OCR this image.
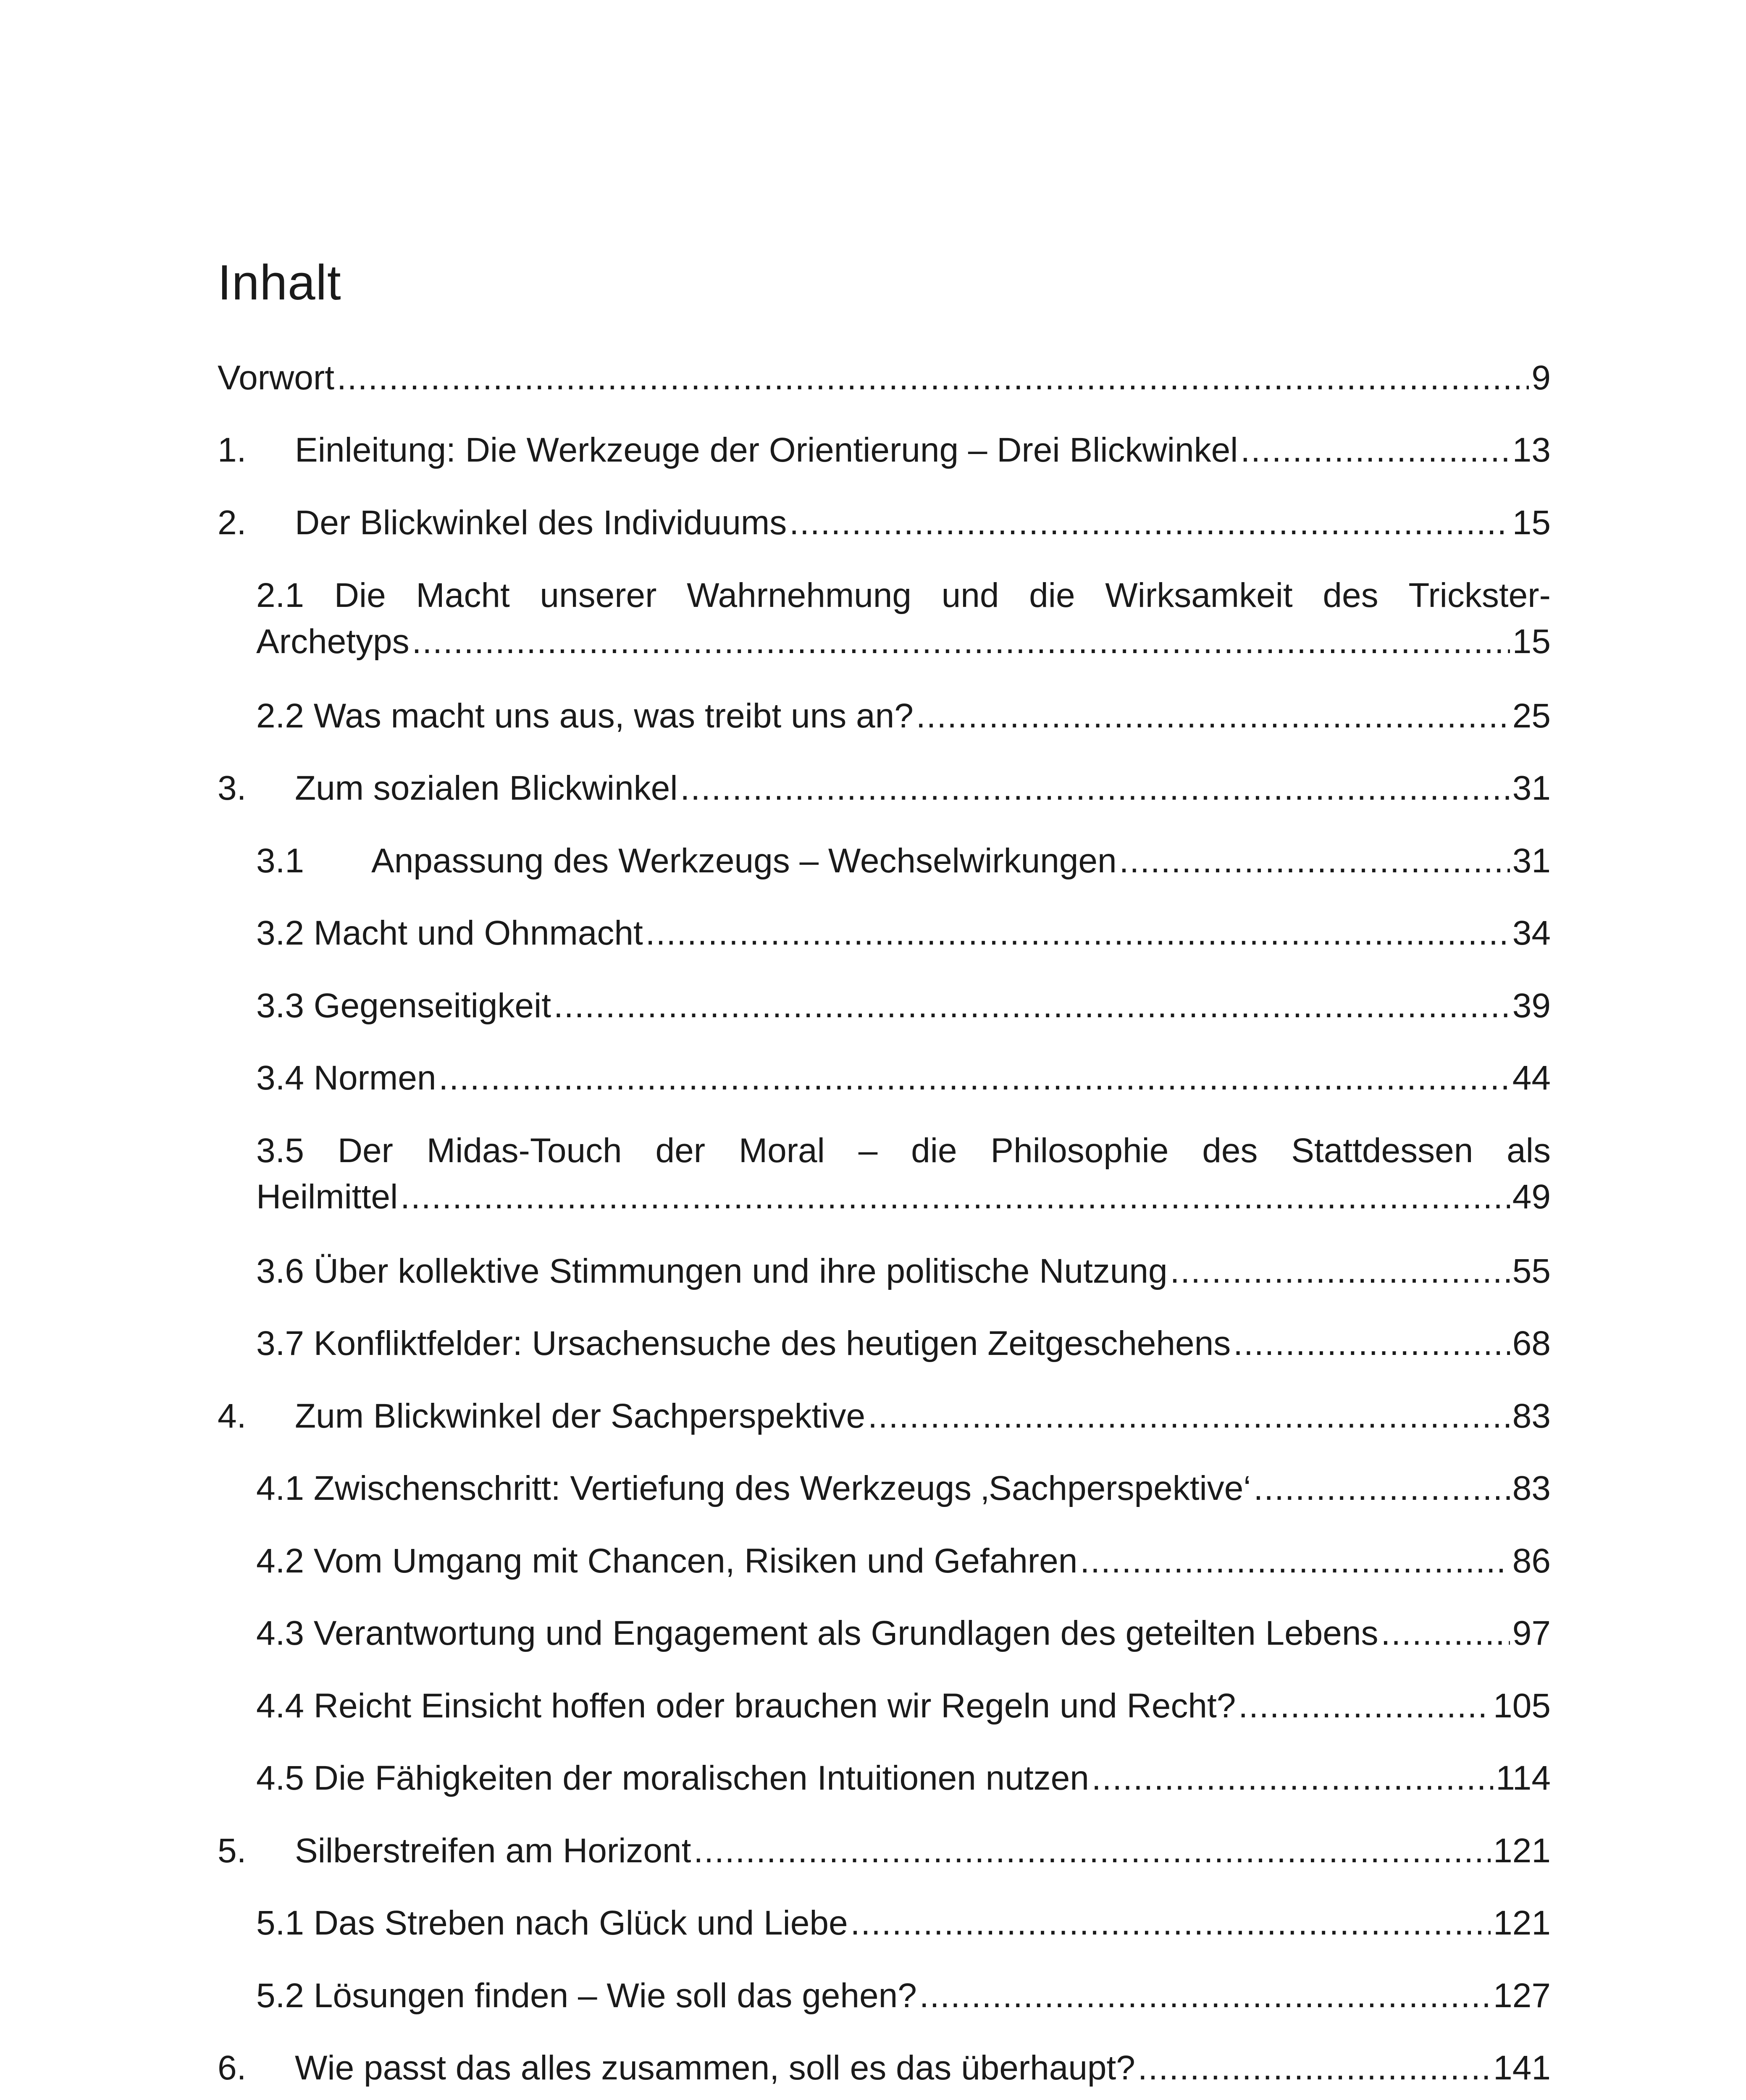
Inhalt
Vorwort .....	9
1.	Einleitung: Die Werkzeuge der Orientierung – Drei Blickwinkel .....	13
2.	Der Blickwinkel des Individuums .....	15
2.1 Die Macht unserer Wahrnehmung und die Wirksamkeit des Trickster-
Archetyps .....	15
2.2 Was macht uns aus, was treibt uns an? .....	25
3.	Zum sozialen Blickwinkel .....	31
3.1	Anpassung des Werkzeugs – Wechselwirkungen .....	31
3.2 Macht und Ohnmacht .....	34
3.3 Gegenseitigkeit .....	39
3.4 Normen .....	44
3.5 Der Midas-Touch der Moral – die Philosophie des Stattdessen als
Heilmittel .....	49
3.6 Über kollektive Stimmungen und ihre politische Nutzung .....	55
3.7 Konfliktfelder: Ursachensuche des heutigen Zeitgeschehens .....	68
4.	Zum Blickwinkel der Sachperspektive .....	83
4.1 Zwischenschritt: Vertiefung des Werkzeugs ‚Sachperspektive‘ .....	83
4.2 Vom Umgang mit Chancen, Risiken und Gefahren .....	86
4.3 Verantwortung und Engagement als Grundlagen des geteilten Lebens .....	97
4.4 Reicht Einsicht hoffen oder brauchen wir Regeln und Recht? .....	105
4.5 Die Fähigkeiten der moralischen Intuitionen nutzen .....	114
5.	Silberstreifen am Horizont .....	121
5.1 Das Streben nach Glück und Liebe .....	121
5.2 Lösungen finden – Wie soll das gehen? .....	127
6.	Wie passt das alles zusammen, soll es das überhaupt? .....	141
